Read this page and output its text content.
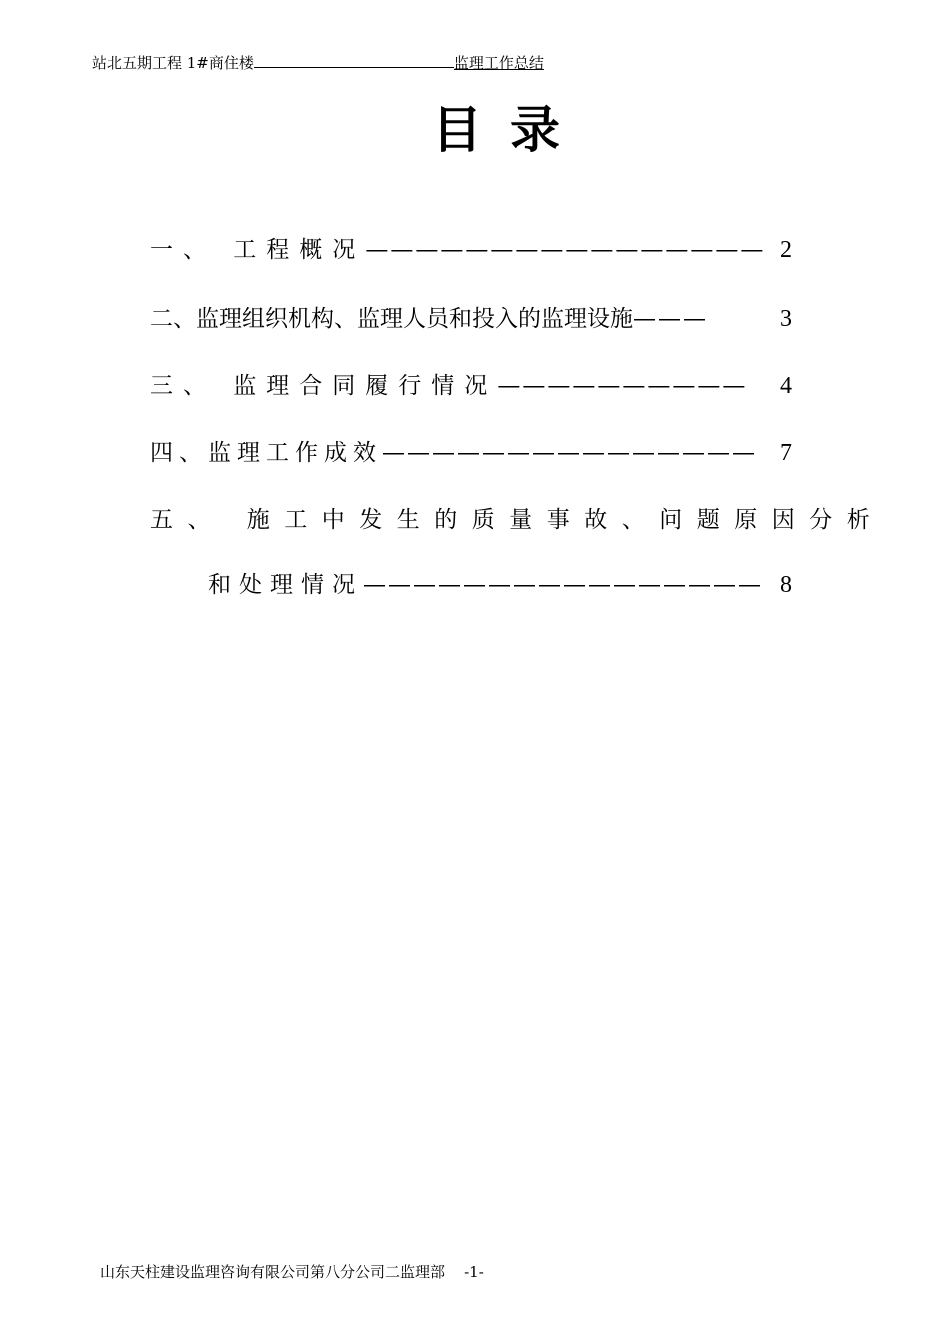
站北五期工程 1#商住楼	监理工作总结
目录
一、 工程概况 ———————————————— 2
二、监理组织机构、监理人员和投入的监理设施 ———	3
三、 监理合同履行情况 ——————————	4
四、监理工作成效 ——————————————— 7
五、 施工中发生的质量事故、问题原因分析
和处理情况 ———————————————— 8
山东天柱建设监理咨询有限公司第八分公司二监理部 -1-
